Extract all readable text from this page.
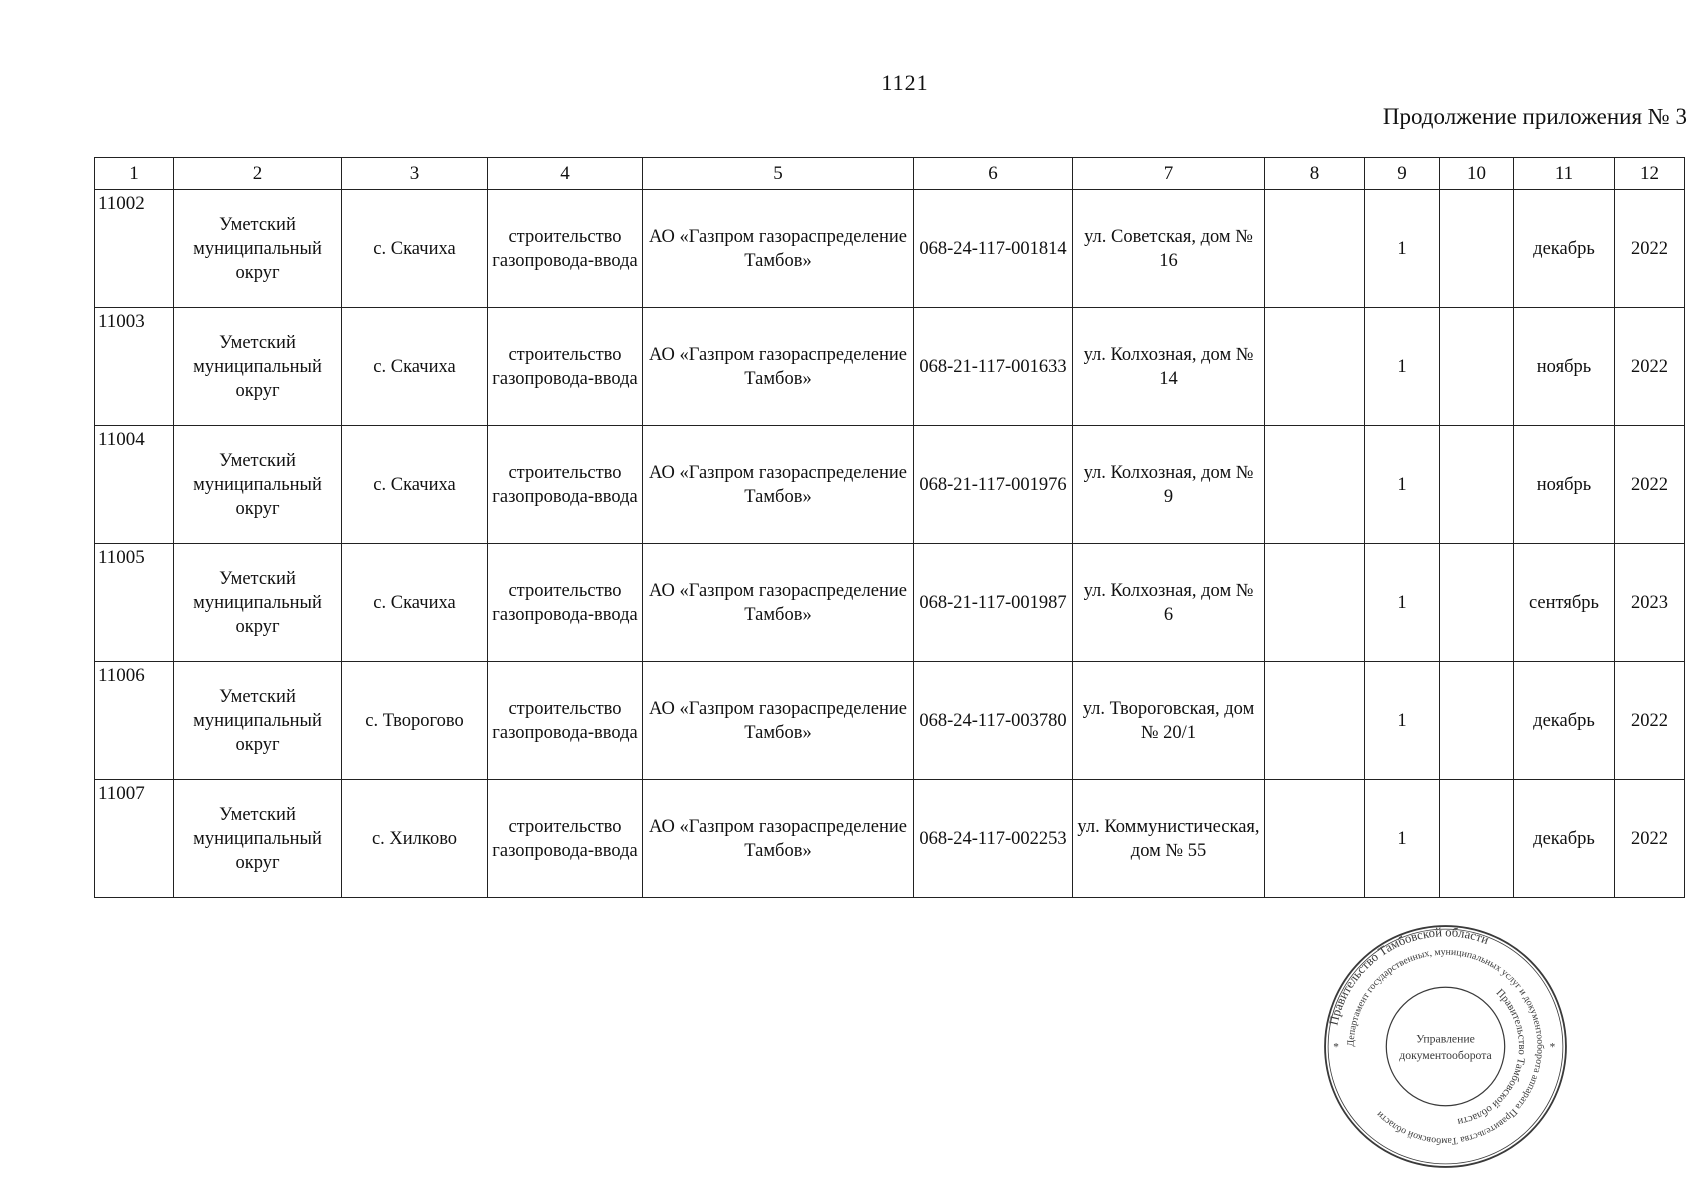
1121
Продолжение приложения № 3
1	2	3	4	5	6	7	8	9	10	11	12
11002	Уметский муниципальный округ	с. Скачиха	строительство газопровода-ввода	АО «Газпром газораспределение Тамбов»	068-24-117-001814	ул. Советская, дом № 16		1		декабрь	2022
11003	Уметский муниципальный округ	с. Скачиха	строительство газопровода-ввода	АО «Газпром газораспределение Тамбов»	068-21-117-001633	ул. Колхозная, дом № 14		1		ноябрь	2022
11004	Уметский муниципальный округ	с. Скачиха	строительство газопровода-ввода	АО «Газпром газораспределение Тамбов»	068-21-117-001976	ул. Колхозная, дом № 9		1		ноябрь	2022
11005	Уметский муниципальный округ	с. Скачиха	строительство газопровода-ввода	АО «Газпром газораспределение Тамбов»	068-21-117-001987	ул. Колхозная, дом № 6		1		сентябрь	2023
11006	Уметский муниципальный округ	с. Творогово	строительство газопровода-ввода	АО «Газпром газораспределение Тамбов»	068-24-117-003780	ул. Твороговская, дом № 20/1		1		декабрь	2022
11007	Уметский муниципальный округ	с. Хилково	строительство газопровода-ввода	АО «Газпром газораспределение Тамбов»	068-24-117-002253	ул. Коммунистическая, дом № 55		1		декабрь	2022
Правительство Тамбовской области
Департамент государственных, муниципальных услуг и документооборота аппарата Правительства Тамбовской области
Правительство Тамбовской области
Управление
документооборота
*	*
